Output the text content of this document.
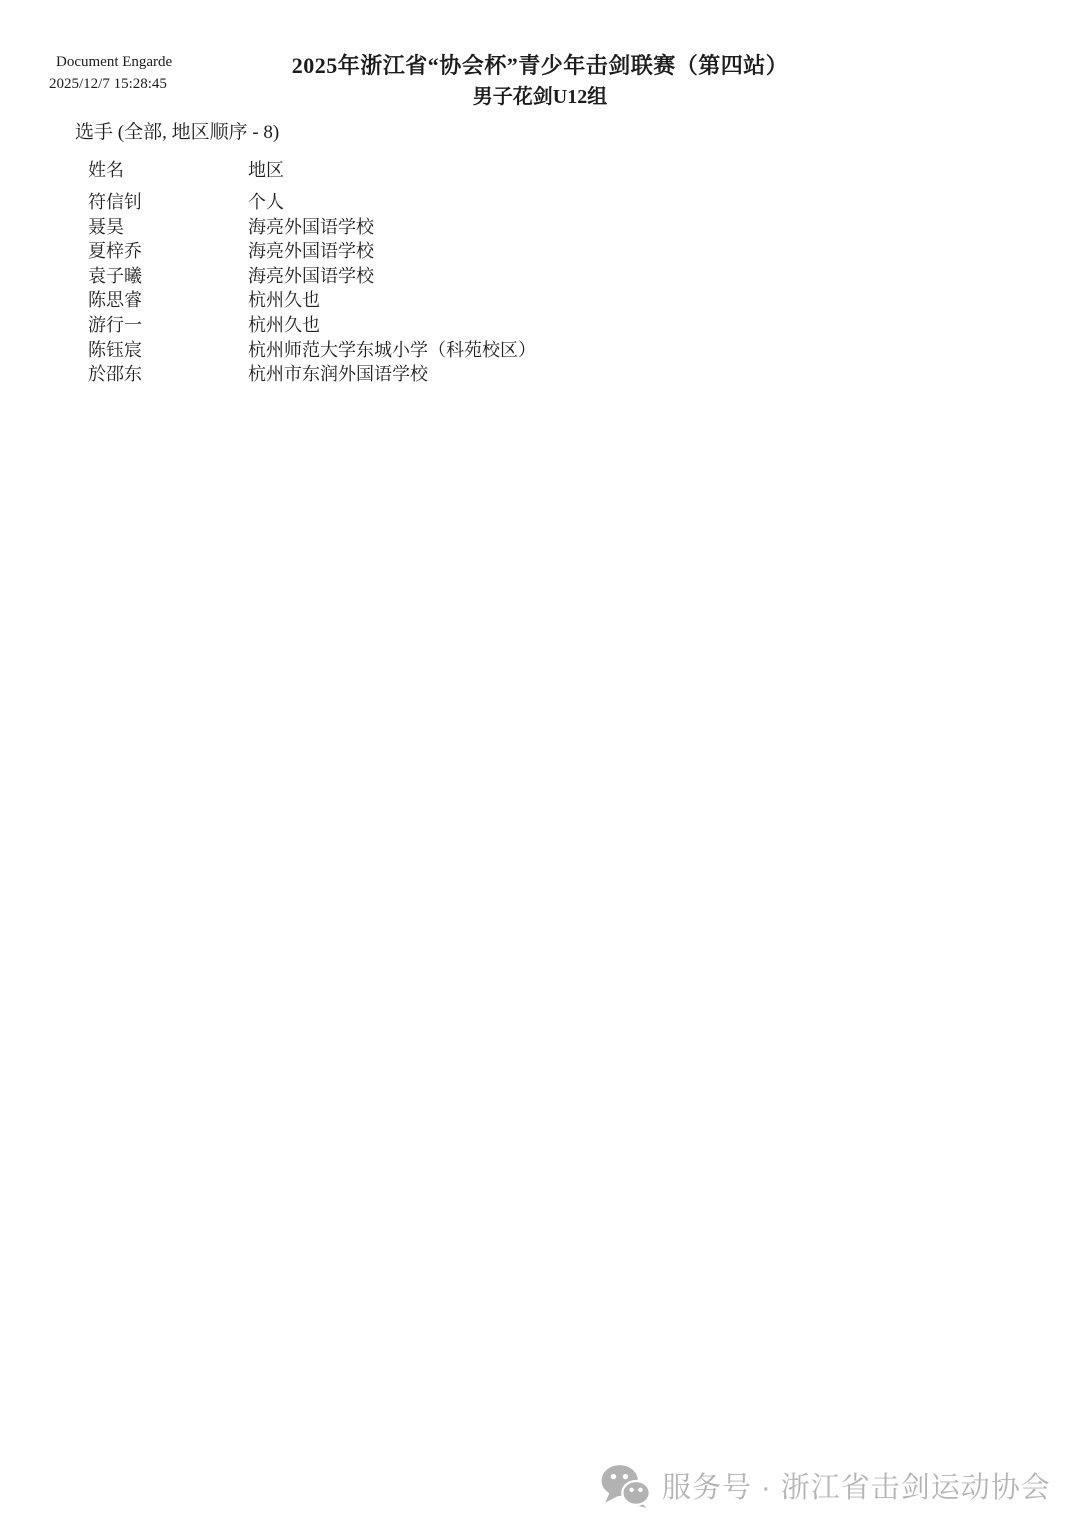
Document Engarde
2025/12/7 15:28:45
2025年浙江省“协会杯”青少年击剑联赛（第四站）
男子花剑U12组
选手 (全部, 地区顺序 - 8)
姓名	地区
符信钊	个人
聂昊	海亮外国语学校
夏梓乔	海亮外国语学校
袁子曦	海亮外国语学校
陈思睿	杭州久也
游行一	杭州久也
陈钰宸	杭州师范大学东城小学（科苑校区）
於邵东	杭州市东润外国语学校
服务号 · 浙江省击剑运动协会
